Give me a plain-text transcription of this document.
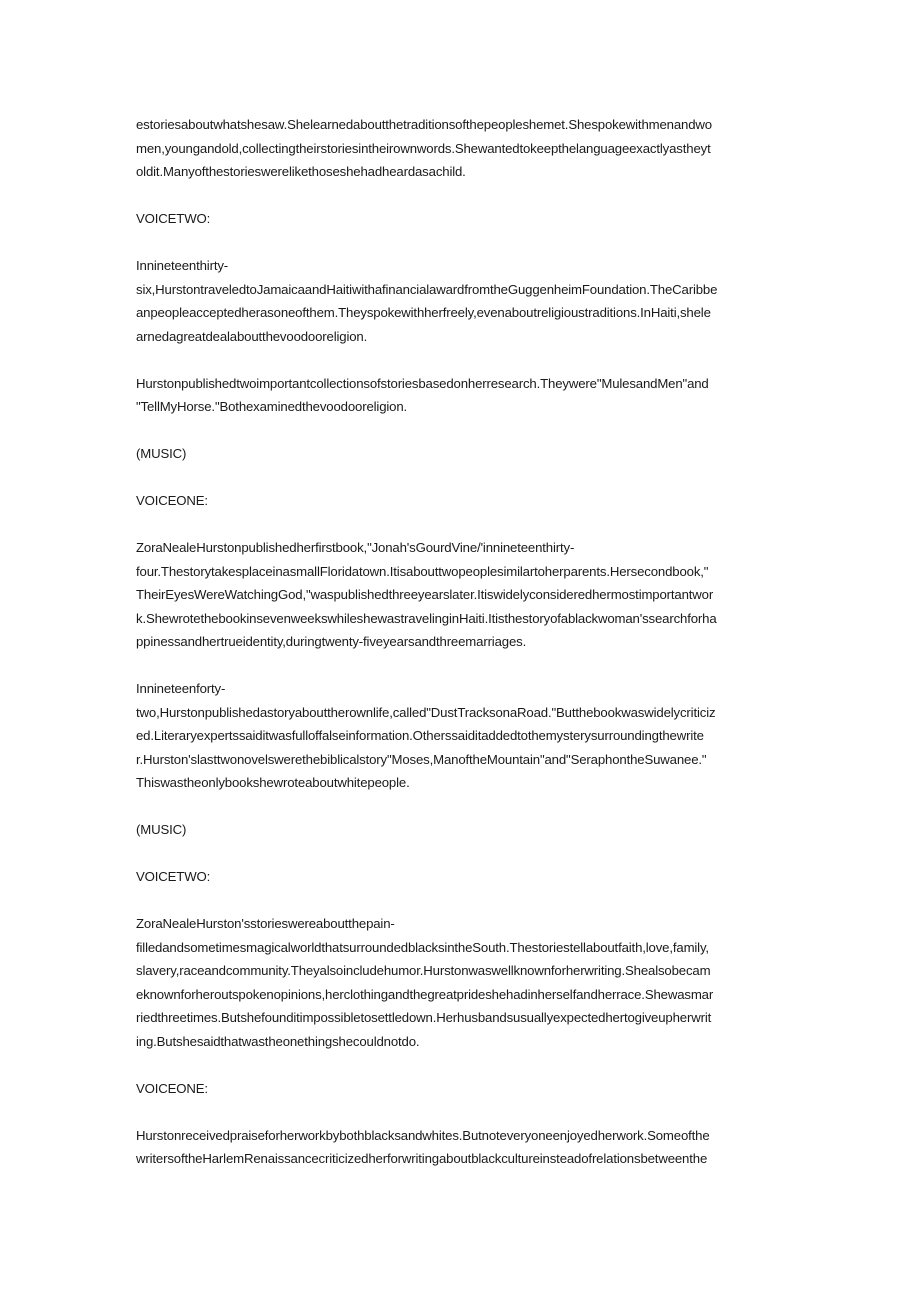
estoriesaboutwhatshesaw.Shelearnedaboutthetraditionsofthepeopleshemet.Shespokewithmenandwo
men,youngandold,collectingtheirstoriesintheirownwords.Shewantedtokeepthelanguageexactlyastheyt
oldit.Manyofthestorieswerelikethoseshehadheardasachild.

VOICETWO:

Innineteenthirty-
six,HurstontraveledtoJamaicaandHaitiwithafinancialawardfromtheGuggenheimFoundation.TheCaribbe
anpeopleacceptedherasoneofthem.Theyspokewithherfreely,evenaboutreligioustraditions.InHaiti,shele
arnedagreatdealaboutthevoodooreligion.

Hurstonpublishedtwoimportantcollectionsofstoriesbasedonherresearch.Theywere"MulesandMen"and
"TellMyHorse."Bothexaminedthevoodooreligion.

(MUSIC)

VOICEONE:

ZoraNealeHurstonpublishedherfirstbook,"Jonah'sGourdVine/'innineteenthirty-
four.ThestorytakesplaceinasmallFloridatown.Itisabouttwopeoplesimilartoherparents.Hersecondbook,"
TheirEyesWereWatchingGod,"waspublishedthreeyearslater.Itiswidelyconsideredhermostimportantwor
k.ShewrotethebookinsevenweekswhileshewastravelinginHaiti.Itisthestoryofablackwoman'ssearchforha
ppinessandhertrueidentity,duringtwenty-fiveyearsandthreemarriages.

Innineteenforty-
two,Hurstonpublishedastoryabouttherownlife,called"DustTracksonaRoad."Butthebookwaswidelycriticiz
ed.Literaryexpertssaiditwasfulloffalseinformation.Otherssaiditaddedtothemysterysurroundingthewrite
r.Hurston'slasttwonovelswerethebiblicalstory"Moses,ManoftheMountain"and"SeraphontheSuwanee."
Thiswastheonlybookshewroteaboutwhitepeople.

(MUSIC)

VOICETWO:

ZoraNealeHurston'sstorieswereaboutthepain-
filledandsometimesmagicalworldthatsurroundedblacksintheSouth.Thestoriestellaboutfaith,love,family,
slavery,raceandcommunity.Theyalsoincludehumor.Hurstonwaswellknownforherwriting.Shealsobecam
eknownforheroutspokenopinions,herclothingandthegreatprideshehadinherselfandherrace.Shewasmar
riedthreetimes.Butshefounditimpossibletosettledown.Herhusbandsusuallyexpectedhertogiveupherwrit
ing.Butshesaidthatwastheonethingshecouldnotdo.

VOICEONE:

Hurstonreceivedpraiseforherworkbybothblacksandwhites.Butnoteveryoneenjoyedherwork.Someofthe
writersoftheHarlemRenaissancecriticizedherforwritingaboutblackcultureinsteadofrelationsbetweenthe
